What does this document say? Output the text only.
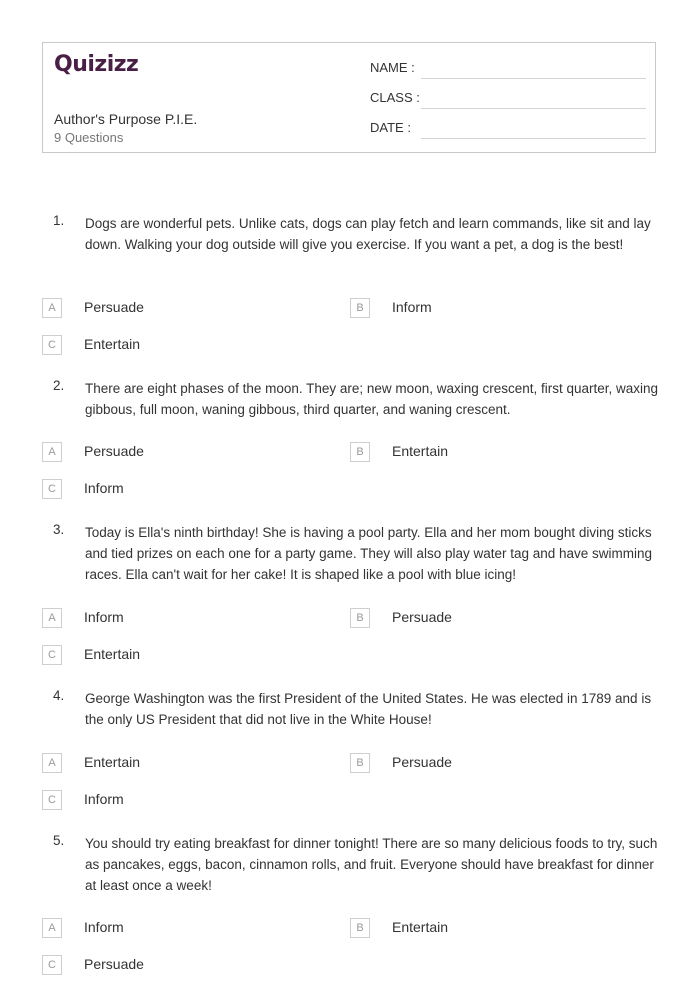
Quizizz
Author's Purpose P.I.E.
9 Questions
NAME :
CLASS :
DATE :
1. Dogs are wonderful pets. Unlike cats, dogs can play fetch and learn commands, like sit and lay down. Walking your dog outside will give you exercise. If you want a pet, a dog is the best!
A	Persuade	B	Inform
C	Entertain
2. There are eight phases of the moon. They are; new moon, waxing crescent, first quarter, waxing gibbous, full moon, waning gibbous, third quarter, and waning crescent.
A	Persuade	B	Entertain
C	Inform
3. Today is Ella's ninth birthday! She is having a pool party. Ella and her mom bought diving sticks and tied prizes on each one for a party game. They will also play water tag and have swimming races. Ella can't wait for her cake! It is shaped like a pool with blue icing!
A	Inform	B	Persuade
C	Entertain
4. George Washington was the first President of the United States. He was elected in 1789 and is the only US President that did not live in the White House!
A	Entertain	B	Persuade
C	Inform
5. You should try eating breakfast for dinner tonight! There are so many delicious foods to try, such as pancakes, eggs, bacon, cinnamon rolls, and fruit. Everyone should have breakfast for dinner at least once a week!
A	Inform	B	Entertain
C	Persuade
